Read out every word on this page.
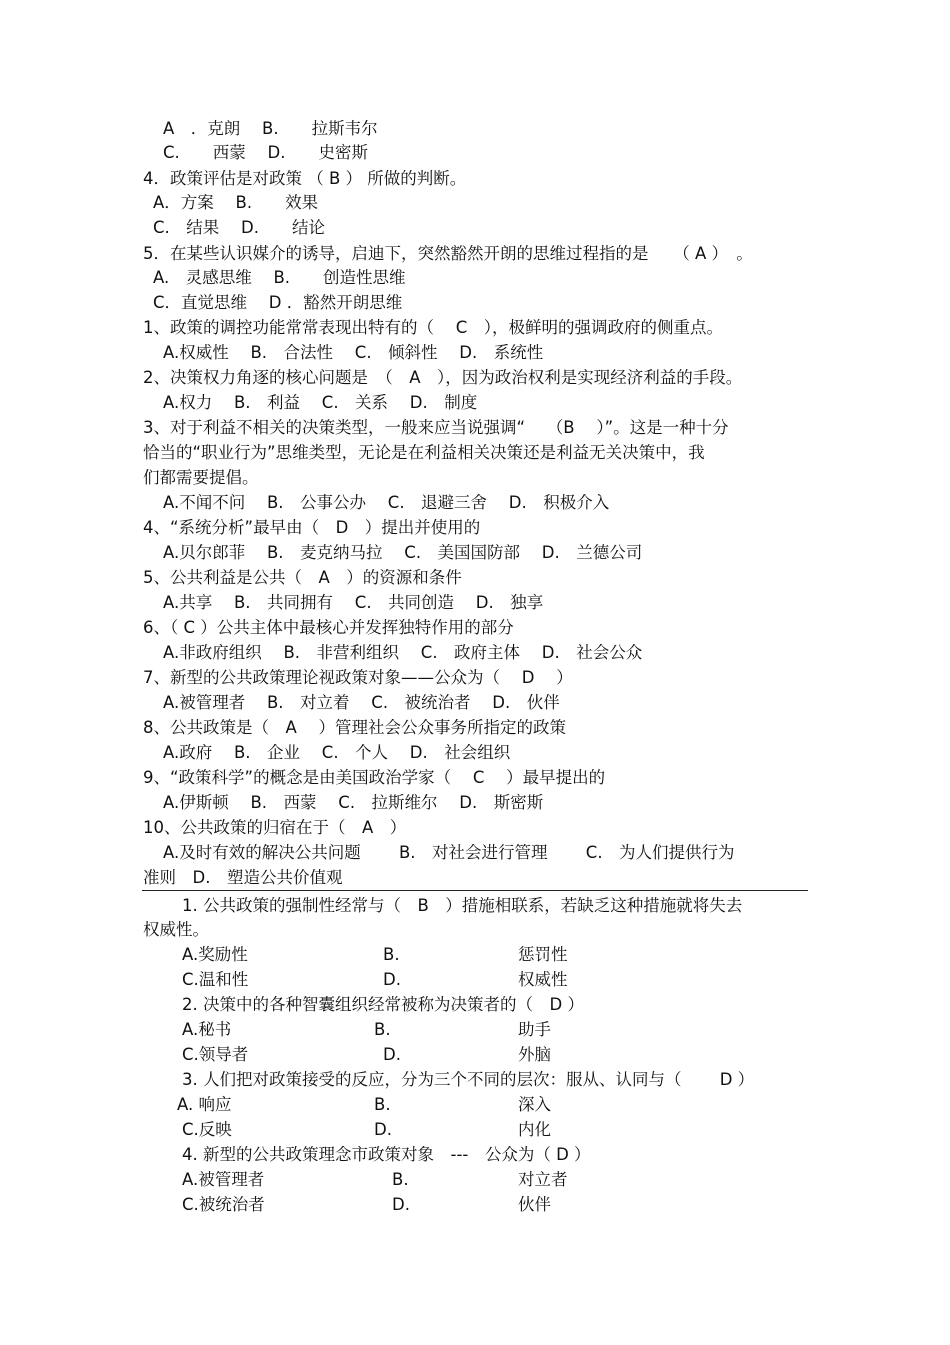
A　．克朗　 B.　　拉斯韦尔
C.　　西蒙　 D.　　史密斯
4．政策评估是对政策 （ B ） 所做的判断。
A．方案　 B.　　效果
C.　结果　 D.　　结论
5．在某些认识媒介的诱导，启迪下，突然豁然开朗的思维过程指的是　　（ A ）　。
A.　灵感思维　 B.　　创造性思维
C．直觉思维　 D ．豁然开朗思维
1、政策的调控功能常常表现出特有的（　 C　），极鲜明的强调政府的侧重点。
A.权威性　 B.　合法性　 C.　倾斜性　 D.　系统性
2、决策权力角逐的核心问题是　（　A　），因为政治权利是实现经济利益的手段。
A.权力　 B.　利益　 C.　关系　 D.　制度
3、对于利益不相关的决策类型，一般来应当说强调“　 （B　 ）”。这是一种十分
恰当的“职业行为”思维类型，无论是在利益相关决策还是利益无关决策中，我
们都需要提倡。
A.不闻不问　 B.　公事公办　 C.　退避三舍　 D.　积极介入
4、“系统分析”最早由（　D　）提出并使用的
A.贝尔郎菲　 B.　麦克纳马拉　 C.　美国国防部　 D.　兰德公司
5、公共利益是公共（　A　）的资源和条件
A.共享　 B.　共同拥有　 C.　共同创造　 D.　独享
6、（ C ）公共主体中最核心并发挥独特作用的部分
A.非政府组织　 B.　非营利组织　 C.　政府主体　 D.　社会公众
7、新型的公共政策理论视政策对象——公众为（　 D　 ）
A.被管理者　 B.　对立着　 C.　被统治者　 D.　伙伴
8、公共政策是（　A　 ）管理社会公众事务所指定的政策
A.政府　 B.　企业　 C.　个人　 D.　社会组织
9、“政策科学”的概念是由美国政治学家（　 C　 ）最早提出的
A.伊斯顿　 B.　西蒙　 C.　拉斯维尔　 D.　斯密斯
10、公共政策的归宿在于（　A　）
A.及时有效的解决公共问题　　 B.　对社会进行管理　　 C.　为人们提供行为
准则　D.　塑造公共价值观
1. 公共政策的强制性经常与（　B　）措施相联系，若缺乏这种措施就将失去
权威性。
A.奖励性	B.	惩罚性
C.温和性	D.	权威性
2. 决策中的各种智囊组织经常被称为决策者的（　D ）
A.秘书	B.	助手
C.领导者	D.	外脑
3. 人们把对政策接受的反应，分为三个不同的层次：服从、认同与（　　 D ）
A. 响应	B.	深入
C.反映	D.	内化
4. 新型的公共政策理念市政策对象　---　公众为（ D ）
A.被管理者	B.	对立者
C.被统治者	D.	伙伴
